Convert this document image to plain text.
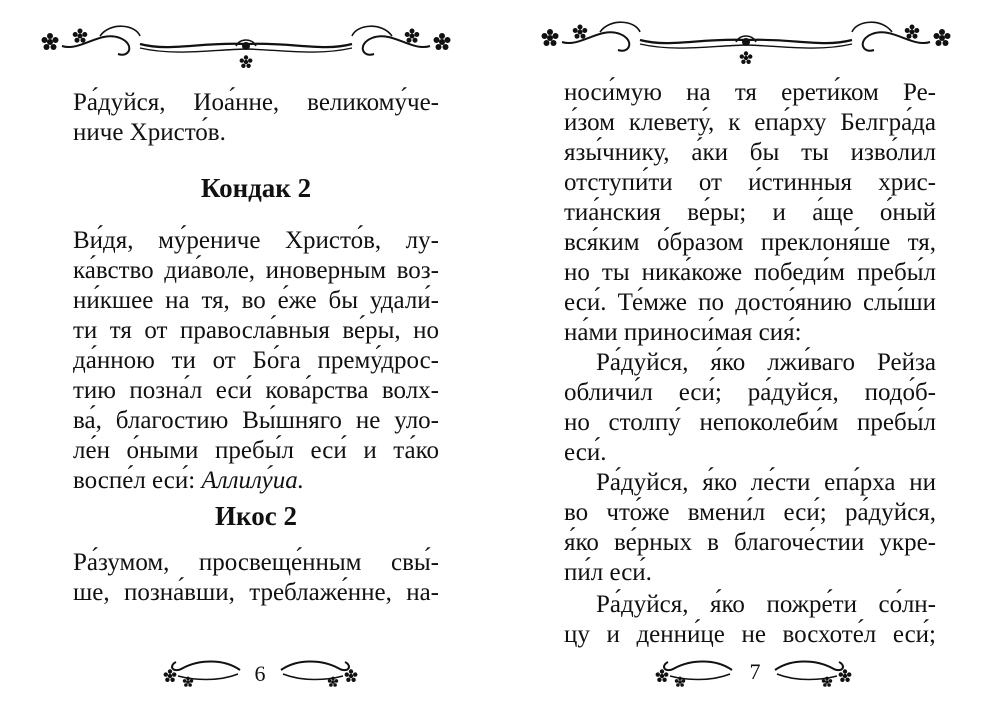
Ра́дуйся, Иоа́нне, великому́че-
ниче Христо́в.
Кондак 2
Ви́дя, му́рениче Христо́в, лу-
ка́вство диа́воле, иноверным воз-
ни́кшее на тя, во е́же бы удали́-
ти тя от правосла́вныя ве́ры, но
да́нною ти от Бо́га прему́дрос-
тию позна́л еси́ кова́рства волх-
ва́, благостию Вы́шняго не уло-
ле́н о́ными пребы́л еси́ и та́ко
воспе́л еси́: Аллилу́иа.
Икос 2
Ра́зумом, просвеще́нным свы́-
ше, позна́вши, треблаже́нне, на-
6
носи́мую на тя ерети́ком Ре-
и́зом клевету́, к епа́рху Белгра́да
язы́чнику, а́ки бы ты изво́лил
отступи́ти от и́стинныя хрис-
тиа́нския ве́ры; и а́ще о́ный
вся́ким о́бразом преклоня́ше тя,
но ты ника́коже победи́м пребы́л
еси́. Те́мже по досто́янию слы́ши
на́ми приноси́мая сия́:
Ра́дуйся, я́ко лжи́ваго Рейза
обличи́л еси́; ра́дуйся, подо́б-
но столпу́ непоколеби́м пребы́л
еси́.
Ра́дуйся, я́ко ле́сти епа́рха ни
во что́же вмени́л еси́; ра́дуйся,
я́ко ве́рных в благоче́стии укре-
пи́л еси́.
Ра́дуйся, я́ко пожре́ти со́лн-
цу и денни́це не восхоте́л еси́;
7
